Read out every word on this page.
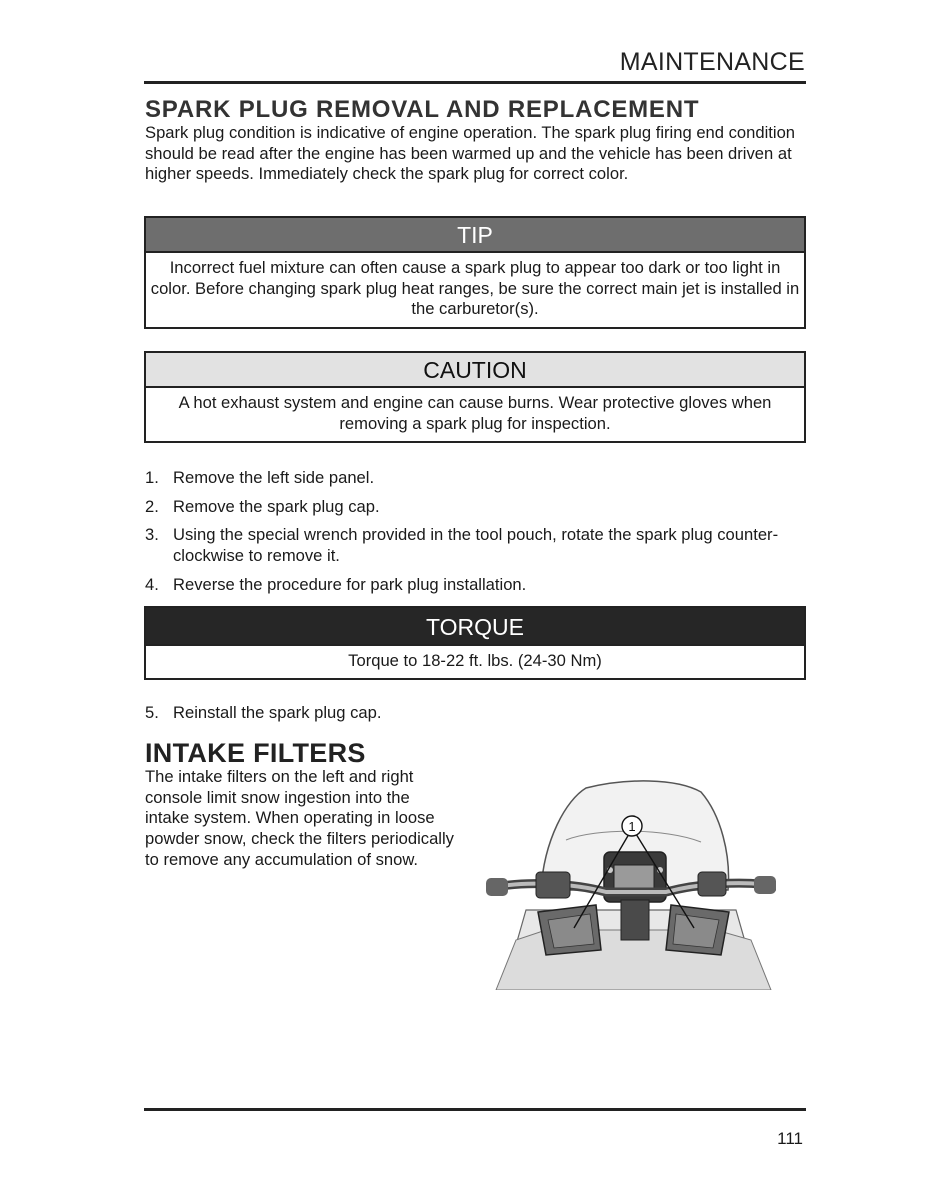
MAINTENANCE
SPARK PLUG REMOVAL AND REPLACEMENT
Spark plug condition is indicative of engine operation. The spark plug firing end condition should be read after the engine has been warmed up and the vehicle has been driven at higher speeds. Immediately check the spark plug for correct color.
TIP
Incorrect fuel mixture can often cause a spark plug to appear too dark or too light in color. Before changing spark plug heat ranges, be sure the correct main jet is installed in the carburetor(s).
CAUTION
A hot exhaust system and engine can cause burns. Wear protective gloves when removing a spark plug for inspection.
1. Remove the left side panel.
2. Remove the spark plug cap.
3. Using the special wrench provided in the tool pouch, rotate the spark plug counter-clockwise to remove it.
4. Reverse the procedure for park plug installation.
TORQUE
Torque to 18-22 ft. lbs. (24-30 Nm)
5. Reinstall the spark plug cap.
INTAKE FILTERS
The intake filters on the left and right console limit snow ingestion into the intake system. When operating in loose powder snow, check the filters periodically to remove any accumulation of snow.
1
111
